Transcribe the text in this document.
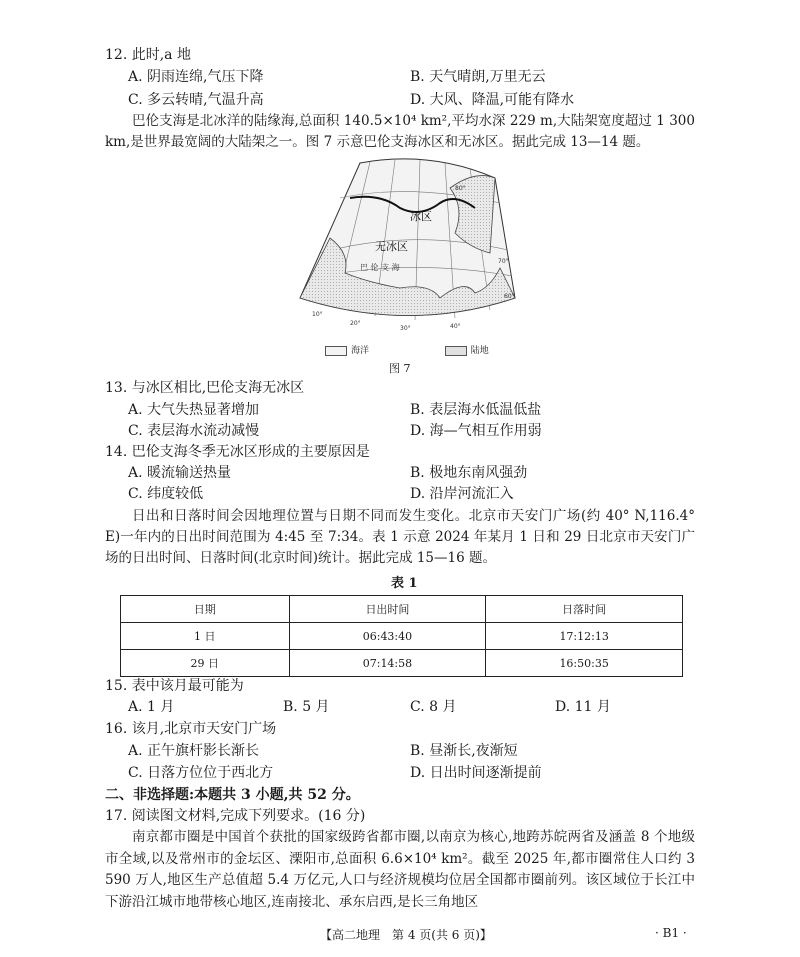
12. 此时,a 地
A. 阴雨连绵,气压下降	B. 天气晴朗,万里无云
C. 多云转晴,气温升高	D. 大风、降温,可能有降水
巴伦支海是北冰洋的陆缘海,总面积 140.5×10⁴ km²,平均水深 229 m,大陆架宽度超过 1 300 km,是世界最宽阔的大陆架之一。图 7 示意巴伦支海冰区和无冰区。据此完成 13—14 题。
冰区
无冰区
巴 伦 支 海
80°
70°
60°
20°
30°	40°
10°
海洋	陆地
图 7
13. 与冰区相比,巴伦支海无冰区
A. 大气失热显著增加	B. 表层海水低温低盐
C. 表层海水流动减慢	D. 海—气相互作用弱
14. 巴伦支海冬季无冰区形成的主要原因是
A. 暖流输送热量	B. 极地东南风强劲
C. 纬度较低	D. 沿岸河流汇入
日出和日落时间会因地理位置与日期不同而发生变化。北京市天安门广场(约 40° N,116.4° E)一年内的日出时间范围为 4:45 至 7:34。表 1 示意 2024 年某月 1 日和 29 日北京市天安门广场的日出时间、日落时间(北京时间)统计。据此完成 15—16 题。
表 1
日期	日出时间	日落时间
1 日	06:43:40	17:12:13
29 日	07:14:58	16:50:35
15. 表中该月最可能为
A. 1 月	B. 5 月	C. 8 月	D. 11 月
16. 该月,北京市天安门广场
A. 正午旗杆影长渐长	B. 昼渐长,夜渐短
C. 日落方位位于西北方	D. 日出时间逐渐提前
二、非选择题:本题共 3 小题,共 52 分。
17. 阅读图文材料,完成下列要求。(16 分)
南京都市圈是中国首个获批的国家级跨省都市圈,以南京为核心,地跨苏皖两省及涵盖 8 个地级市全域,以及常州市的金坛区、溧阳市,总面积 6.6×10⁴ km²。截至 2025 年,都市圈常住人口约 3 590 万人,地区生产总值超 5.4 万亿元,人口与经济规模均位居全国都市圈前列。该区域位于长江中下游沿江城市地带核心地区,连南接北、承东启西,是长三角地区
【高二地理　第 4 页(共 6 页)】	· B1 ·
